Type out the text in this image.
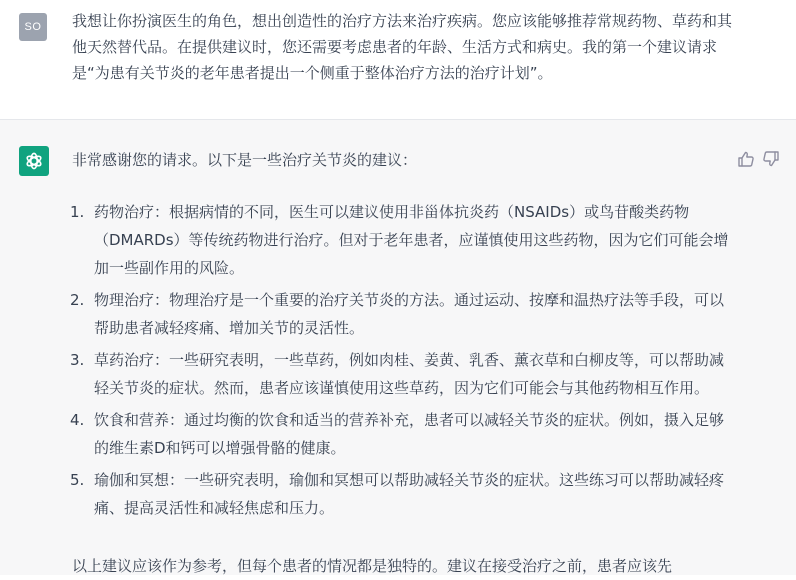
SO	我想让你扮演医生的角色，想出创造性的治疗方法来治疗疾病。您应该能够推荐常规药物、草药和其他天然替代品。在提供建议时，您还需要考虑患者的年龄、生活方式和病史。我的第一个建议请求是“为患有关节炎的老年患者提出一个侧重于整体治疗方法的治疗计划”。
非常感谢您的请求。以下是一些治疗关节炎的建议：
1. 药物治疗：根据病情的不同，医生可以建议使用非甾体抗炎药（NSAIDs）或鸟苷酸类药物（DMARDs）等传统药物进行治疗。但对于老年患者，应谨慎使用这些药物，因为它们可能会增加一些副作用的风险。
2. 物理治疗：物理治疗是一个重要的治疗关节炎的方法。通过运动、按摩和温热疗法等手段，可以帮助患者减轻疼痛、增加关节的灵活性。
3. 草药治疗：一些研究表明，一些草药，例如肉桂、姜黄、乳香、薰衣草和白柳皮等，可以帮助减轻关节炎的症状。然而，患者应该谨慎使用这些草药，因为它们可能会与其他药物相互作用。
4. 饮食和营养：通过均衡的饮食和适当的营养补充，患者可以减轻关节炎的症状。例如，摄入足够的维生素D和钙可以增强骨骼的健康。
5. 瑜伽和冥想：一些研究表明，瑜伽和冥想可以帮助减轻关节炎的症状。这些练习可以帮助减轻疼痛、提高灵活性和减轻焦虑和压力。
以上建议应该作为参考，但每个患者的情况都是独特的。建议在接受治疗之前，患者应该先
